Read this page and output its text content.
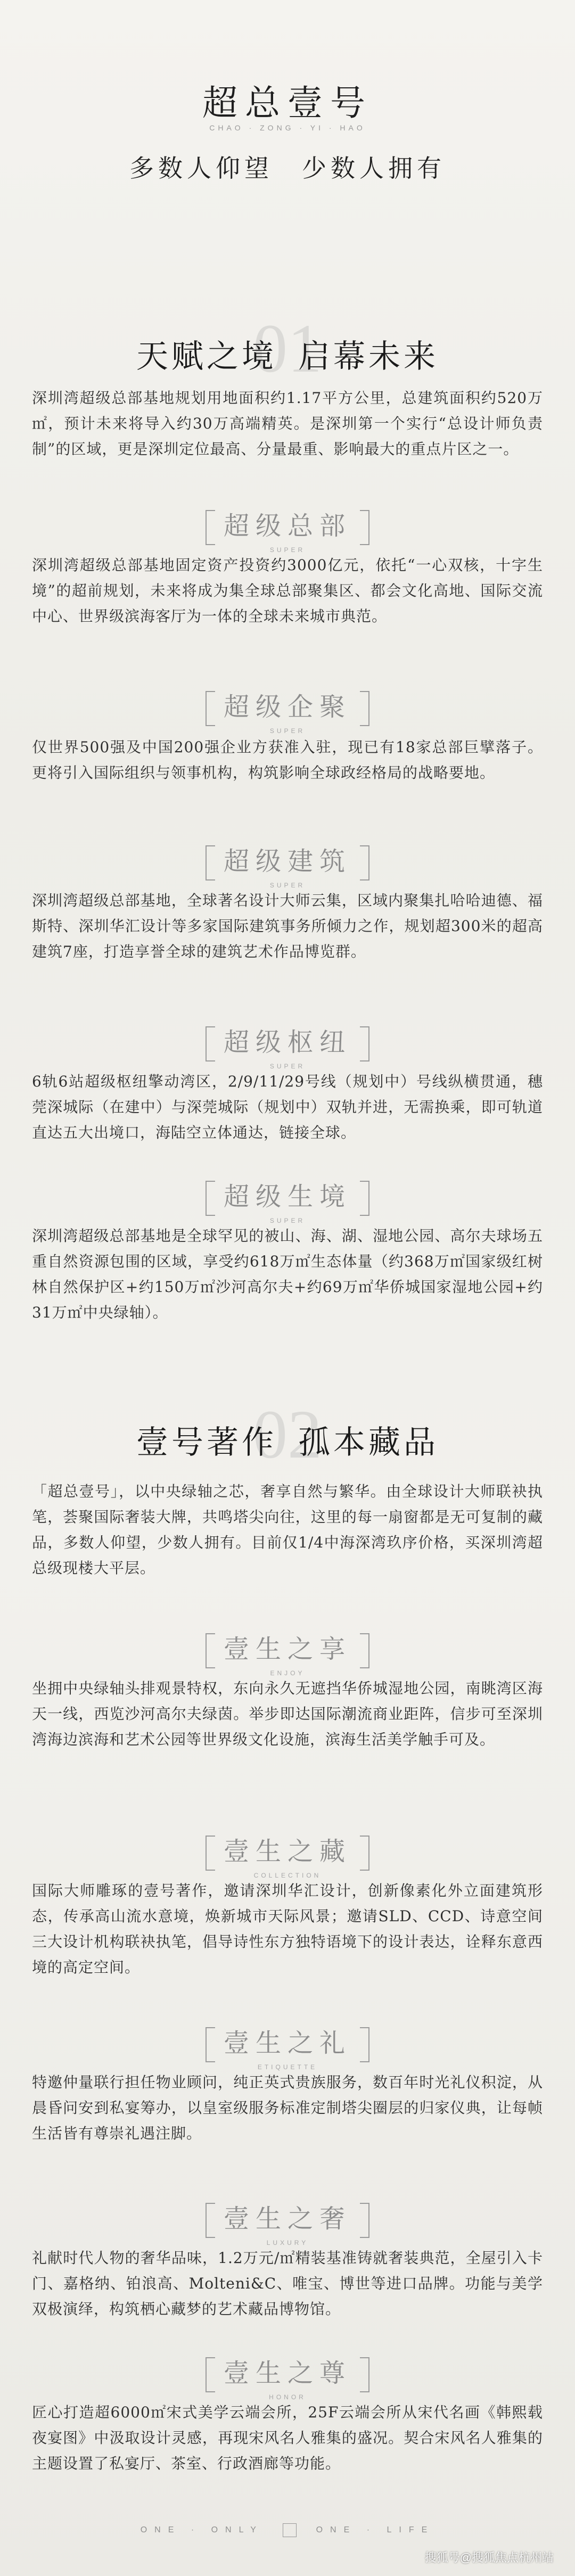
超总壹号
CHAO · ZONG · YI · HAO
多数人仰望　少数人拥有
01
天赋之境 启幕未来

深圳湾超级总部基地规划用地面积约1.17平方公里，总建筑面积约520万㎡，预计未来将导入约30万高端精英。是深圳第一个实行“总设计师负责制”的区域，更是深圳定位最高、分量最重、影响最大的重点片区之一。

超级总部
SUPER

深圳湾超级总部基地固定资产投资约3000亿元，依托“一心双核，十字生境”的超前规划，未来将成为集全球总部聚集区、都会文化高地、国际交流中心、世界级滨海客厅为一体的全球未来城市典范。

超级企聚
SUPER

仅世界500强及中国200强企业方获准入驻，现已有18家总部巨擘落子。更将引入国际组织与领事机构，构筑影响全球政经格局的战略要地。

超级建筑
SUPER

深圳湾超级总部基地，全球著名设计大师云集，区域内聚集扎哈哈迪德、福斯特、深圳华汇设计等多家国际建筑事务所倾力之作，规划超300米的超高建筑7座，打造享誉全球的建筑艺术作品博览群。

超级枢纽
SUPER

6轨6站超级枢纽擎动湾区，2/9/11/29号线（规划中）号线纵横贯通，穗莞深城际（在建中）与深莞城际（规划中）双轨并进，无需换乘，即可轨道直达五大出境口，海陆空立体通达，链接全球。

超级生境
SUPER

深圳湾超级总部基地是全球罕见的被山、海、湖、湿地公园、高尔夫球场五重自然资源包围的区域，享受约618万㎡生态体量（约368万㎡国家级红树林自然保护区+约150万㎡沙河高尔夫+约69万㎡华侨城国家湿地公园+约31万㎡中央绿轴）。

02
壹号著作 孤本藏品

「超总壹号」，以中央绿轴之芯，奢享自然与繁华。由全球设计大师联袂执笔，荟聚国际奢装大牌，共鸣塔尖向往，这里的每一扇窗都是无可复制的藏品，多数人仰望，少数人拥有。目前仅1/4中海深湾玖序价格，买深圳湾超总级现楼大平层。

壹生之享
ENJOY

坐拥中央绿轴头排观景特权，东向永久无遮挡华侨城湿地公园，南眺湾区海天一线，西览沙河高尔夫绿茵。举步即达国际潮流商业距阵，信步可至深圳湾海边滨海和艺术公园等世界级文化设施，滨海生活美学触手可及。

壹生之藏
COLLECTION

国际大师雕琢的壹号著作，邀请深圳华汇设计，创新像素化外立面建筑形态，传承高山流水意境，焕新城市天际风景；邀请SLD、CCD、诗意空间三大设计机构联袂执笔，倡导诗性东方独特语境下的设计表达，诠释东意西境的高定空间。

壹生之礼
ETIQUETTE

特邀仲量联行担任物业顾问，纯正英式贵族服务，数百年时光礼仪积淀，从晨昏问安到私宴筹办，以皇室级服务标准定制塔尖圈层的归家仪典，让每帧生活皆有尊崇礼遇注脚。

壹生之奢
LUXURY

礼献时代人物的奢华品味，1.2万元/㎡精装基准铸就奢装典范，全屋引入卡门、嘉格纳、铂浪高、Molteni&C、唯宝、博世等进口品牌。功能与美学双极演绎，构筑栖心藏梦的艺术藏品博物馆。

壹生之尊
HONOR

匠心打造超6000㎡宋式美学云端会所，25F云端会所从宋代名画《韩熙载夜宴图》中汲取设计灵感，再现宋风名人雅集的盛况。契合宋风名人雅集的主题设置了私宴厅、茶室、行政酒廊等功能。

ONE · ONLY	ONE · LIFE
搜狐号@搜狐焦点杭州站
